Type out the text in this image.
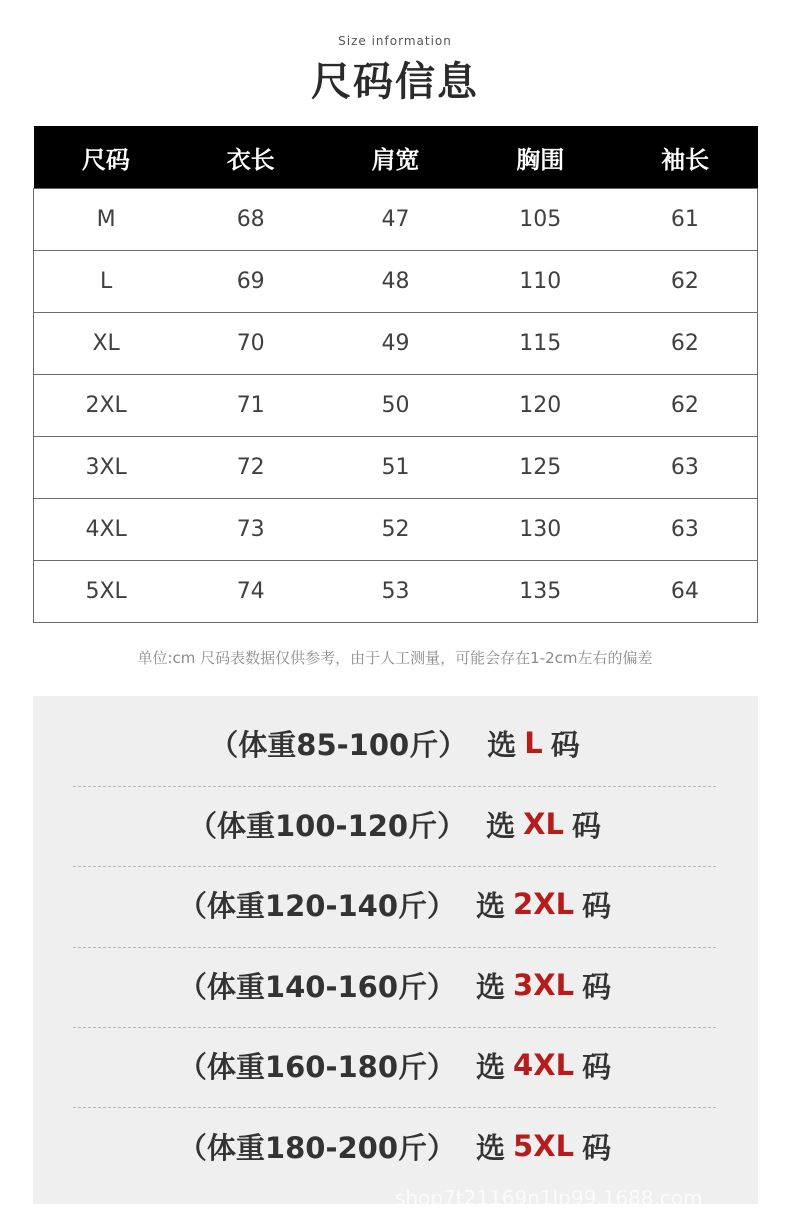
Size information
尺码信息
尺码	衣长	肩宽	胸围	袖长
M	68	47	105	61
L	69	48	110	62
XL	70	49	115	62
2XL	71	50	120	62
3XL	72	51	125	63
4XL	73	52	130	63
5XL	74	53	135	64
单位:cm 尺码表数据仅供参考，由于人工测量，可能会存在1-2cm左右的偏差
（体重85-100斤） 选 L 码
（体重100-120斤） 选 XL 码
（体重120-140斤） 选 2XL 码
（体重140-160斤） 选 3XL 码
（体重160-180斤） 选 4XL 码
（体重180-200斤） 选 5XL 码
shop7t21169n1lp99.1688.com
